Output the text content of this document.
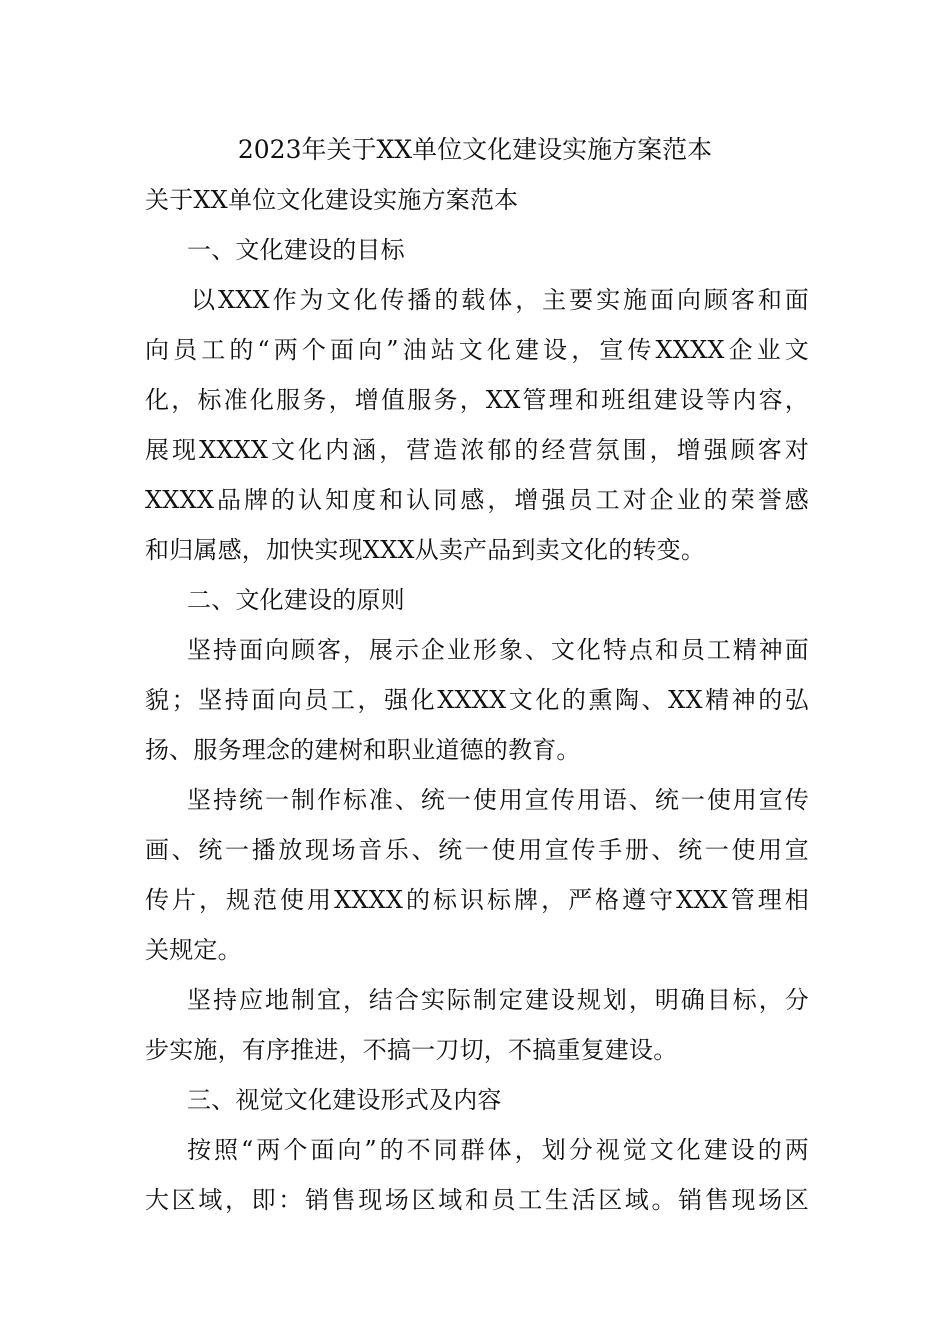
2023年关于XX单位文化建设实施方案范本
关于XX单位文化建设实施方案范本
一、文化建设的目标
以XXX作为文化传播的载体，主要实施面向顾客和面
向员工的“两个面向”油站文化建设，宣传XXXX企业文
化，标准化服务，增值服务，XX管理和班组建设等内容，
展现XXXX文化内涵，营造浓郁的经营氛围，增强顾客对
XXXX品牌的认知度和认同感，增强员工对企业的荣誉感
和归属感，加快实现XXX从卖产品到卖文化的转变。
二、文化建设的原则
坚持面向顾客，展示企业形象、文化特点和员工精神面
貌；坚持面向员工，强化XXXX文化的熏陶、XX精神的弘
扬、服务理念的建树和职业道德的教育。
坚持统一制作标准、统一使用宣传用语、统一使用宣传
画、统一播放现场音乐、统一使用宣传手册、统一使用宣
传片，规范使用XXXX的标识标牌，严格遵守XXX管理相
关规定。
坚持应地制宜，结合实际制定建设规划，明确目标，分
步实施，有序推进，不搞一刀切，不搞重复建设。
三、视觉文化建设形式及内容
按照“两个面向”的不同群体，划分视觉文化建设的两
大区域，即：销售现场区域和员工生活区域。销售现场区
